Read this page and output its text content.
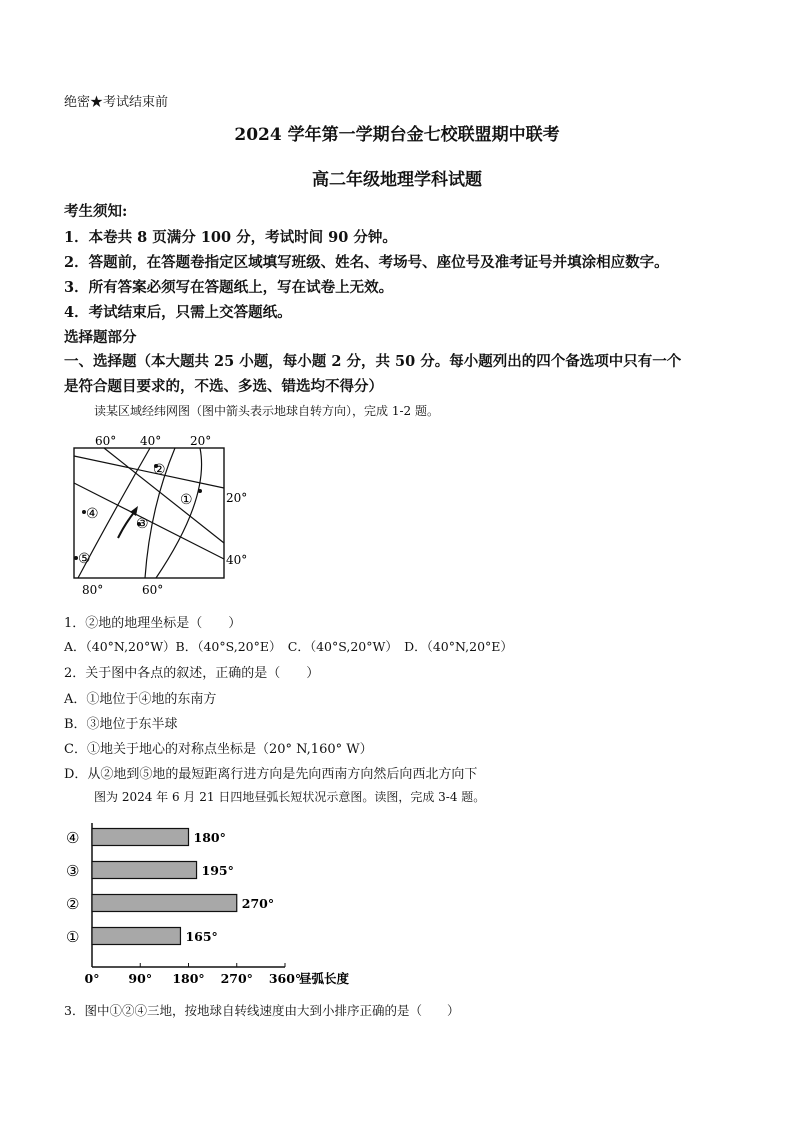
绝密★考试结束前
2024 学年第一学期台金七校联盟期中联考
高二年级地理学科试题
考生须知:
1．本卷共 8 页满分 100 分，考试时间 90 分钟。
2．答题前，在答题卷指定区域填写班级、姓名、考场号、座位号及准考证号并填涂相应数字。
3．所有答案必须写在答题纸上，写在试卷上无效。
4．考试结束后，只需上交答题纸。
选择题部分
一、选择题（本大题共 25 小题，每小题 2 分，共 50 分。每小题列出的四个备选项中只有一个
是符合题目要求的，不选、多选、错选均不得分）
读某区域经纬网图（图中箭头表示地球自转方向），完成 1-2 题。
60° 40° 20°
20°
40°
80°	60°
①
②
③
④
⑤
1．②地的地理坐标是（　　）
A．（40°N,20°W）B．（40°S,20°E）　C．（40°S,20°W）　D．（40°N,20°E）
2．关于图中各点的叙述，正确的是（　　）
A．①地位于④地的东南方
B．③地位于东半球
C．①地关于地心的对称点坐标是（20° N,160° W）
D．从②地到⑤地的最短距离行进方向是先向西南方向然后向西北方向下
图为 2024 年 6 月 21 日四地昼弧长短状况示意图。读图，完成 3-4 题。
④	180°
③	195°
②	270°
①	165°
0° 90° 180° 270° 360°
昼弧长度
3．图中①②④三地，按地球自转线速度由大到小排序正确的是（　　）
